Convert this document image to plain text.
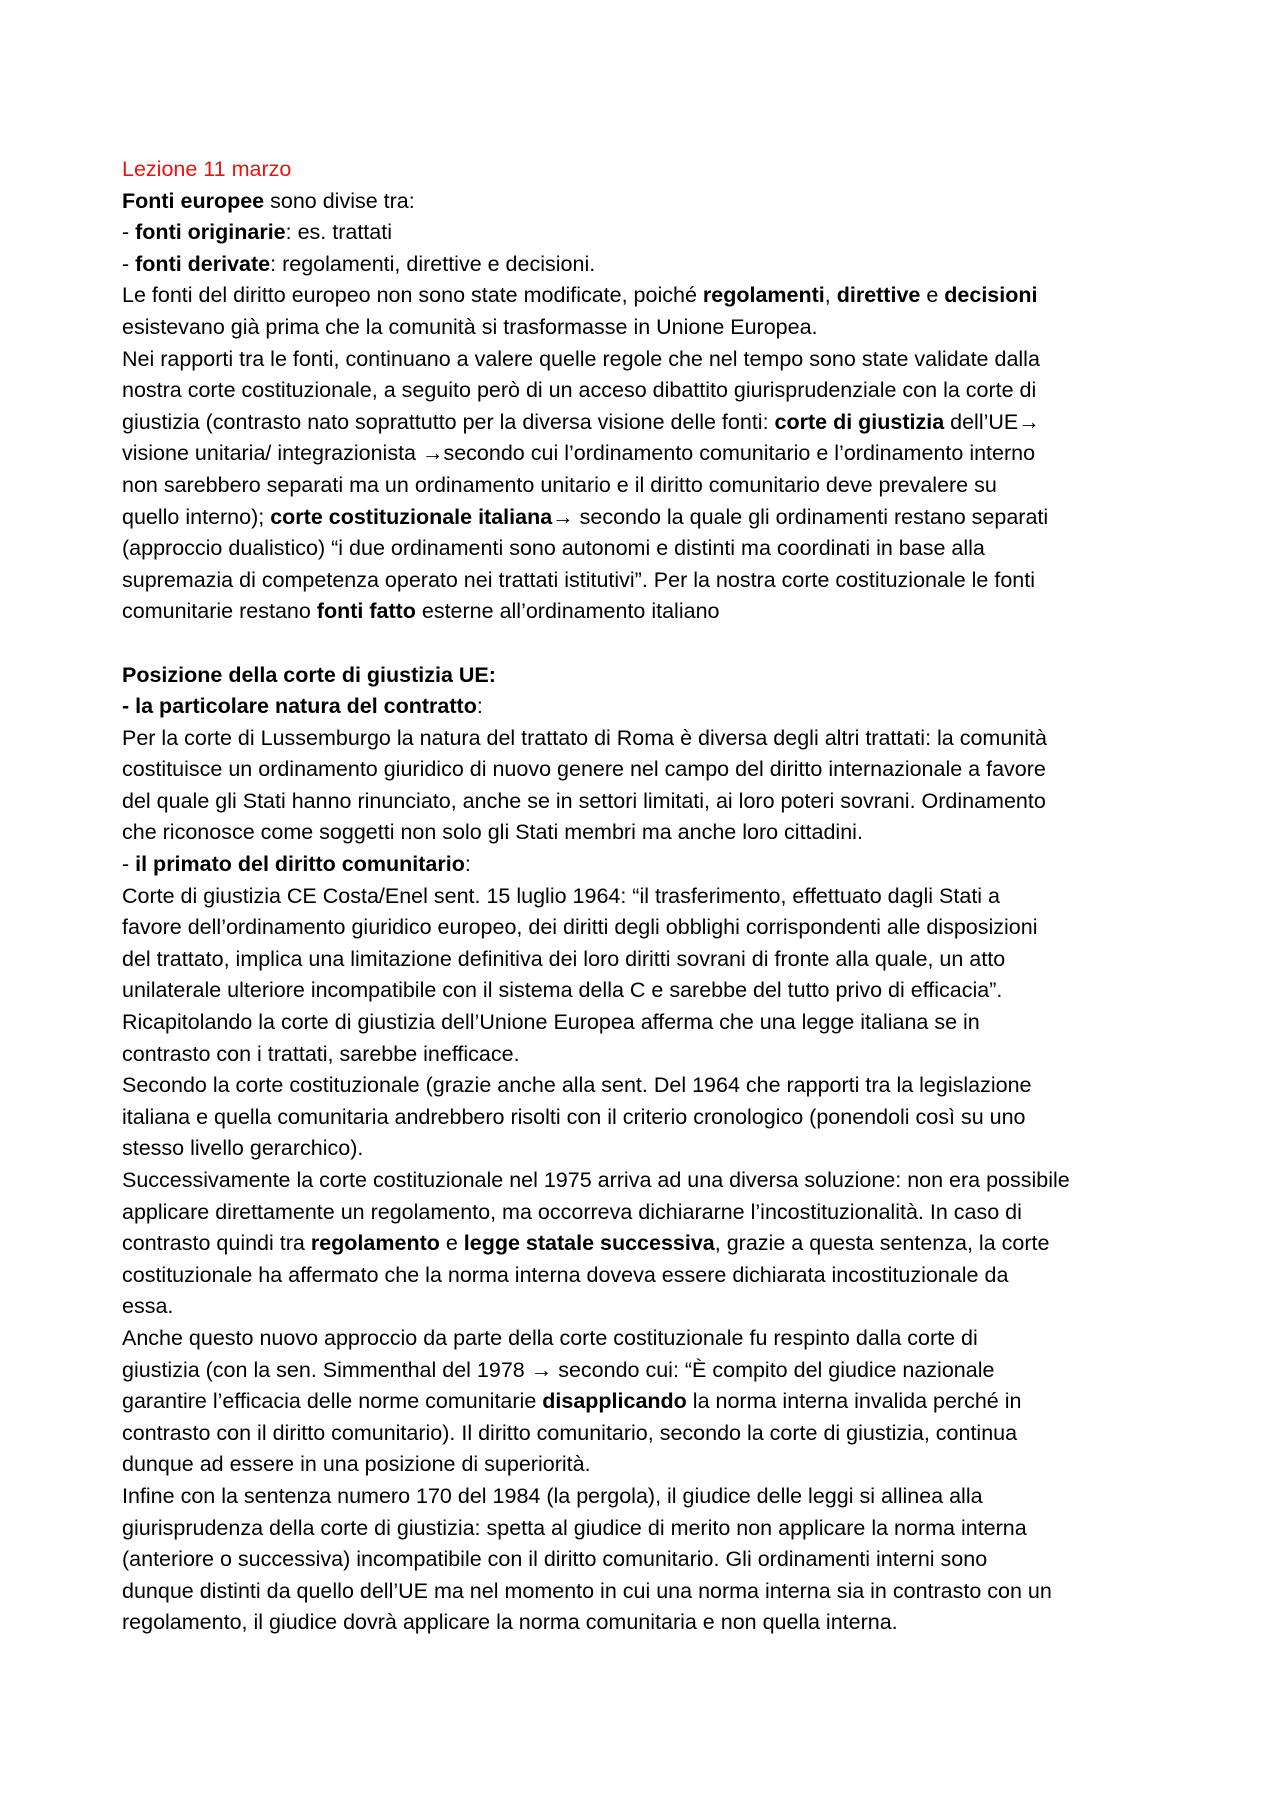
Lezione 11 marzo
Fonti europee sono divise tra:
- fonti originarie: es. trattati
- fonti derivate: regolamenti, direttive e decisioni.
Le fonti del diritto europeo non sono state modificate, poiché regolamenti, direttive e decisioni
esistevano già prima che la comunità si trasformasse in Unione Europea.
Nei rapporti tra le fonti, continuano a valere quelle regole che nel tempo sono state validate dalla
nostra corte costituzionale, a seguito però di un acceso dibattito giurisprudenziale con la corte di
giustizia (contrasto nato soprattutto per la diversa visione delle fonti: corte di giustizia dell’UE→
visione unitaria/ integrazionista →secondo cui l’ordinamento comunitario e l’ordinamento interno
non sarebbero separati ma un ordinamento unitario e il diritto comunitario deve prevalere su
quello interno); corte costituzionale italiana→ secondo la quale gli ordinamenti restano separati
(approccio dualistico) “i due ordinamenti sono autonomi e distinti ma coordinati in base alla
supremazia di competenza operato nei trattati istitutivi”. Per la nostra corte costituzionale le fonti
comunitarie restano fonti fatto esterne all’ordinamento italiano
Posizione della corte di giustizia UE:
- la particolare natura del contratto:
Per la corte di Lussemburgo la natura del trattato di Roma è diversa degli altri trattati: la comunità
costituisce un ordinamento giuridico di nuovo genere nel campo del diritto internazionale a favore
del quale gli Stati hanno rinunciato, anche se in settori limitati, ai loro poteri sovrani. Ordinamento
che riconosce come soggetti non solo gli Stati membri ma anche loro cittadini.
- il primato del diritto comunitario:
Corte di giustizia CE Costa/Enel sent. 15 luglio 1964: “il trasferimento, effettuato dagli Stati a
favore dell’ordinamento giuridico europeo, dei diritti degli obblighi corrispondenti alle disposizioni
del trattato, implica una limitazione definitiva dei loro diritti sovrani di fronte alla quale, un atto
unilaterale ulteriore incompatibile con il sistema della C e sarebbe del tutto privo di efficacia”.
Ricapitolando la corte di giustizia dell’Unione Europea afferma che una legge italiana se in
contrasto con i trattati, sarebbe inefficace.
Secondo la corte costituzionale (grazie anche alla sent. Del 1964 che rapporti tra la legislazione
italiana e quella comunitaria andrebbero risolti con il criterio cronologico (ponendoli così su uno
stesso livello gerarchico).
Successivamente la corte costituzionale nel 1975 arriva ad una diversa soluzione: non era possibile
applicare direttamente un regolamento, ma occorreva dichiararne l’incostituzionalità. In caso di
contrasto quindi tra regolamento e legge statale successiva, grazie a questa sentenza, la corte
costituzionale ha affermato che la norma interna doveva essere dichiarata incostituzionale da
essa.
Anche questo nuovo approccio da parte della corte costituzionale fu respinto dalla corte di
giustizia (con la sen. Simmenthal del 1978 → secondo cui: “È compito del giudice nazionale
garantire l’efficacia delle norme comunitarie disapplicando la norma interna invalida perché in
contrasto con il diritto comunitario). Il diritto comunitario, secondo la corte di giustizia, continua
dunque ad essere in una posizione di superiorità.
Infine con la sentenza numero 170 del 1984 (la pergola), il giudice delle leggi si allinea alla
giurisprudenza della corte di giustizia: spetta al giudice di merito non applicare la norma interna
(anteriore o successiva) incompatibile con il diritto comunitario. Gli ordinamenti interni sono
dunque distinti da quello dell’UE ma nel momento in cui una norma interna sia in contrasto con un
regolamento, il giudice dovrà applicare la norma comunitaria e non quella interna.
